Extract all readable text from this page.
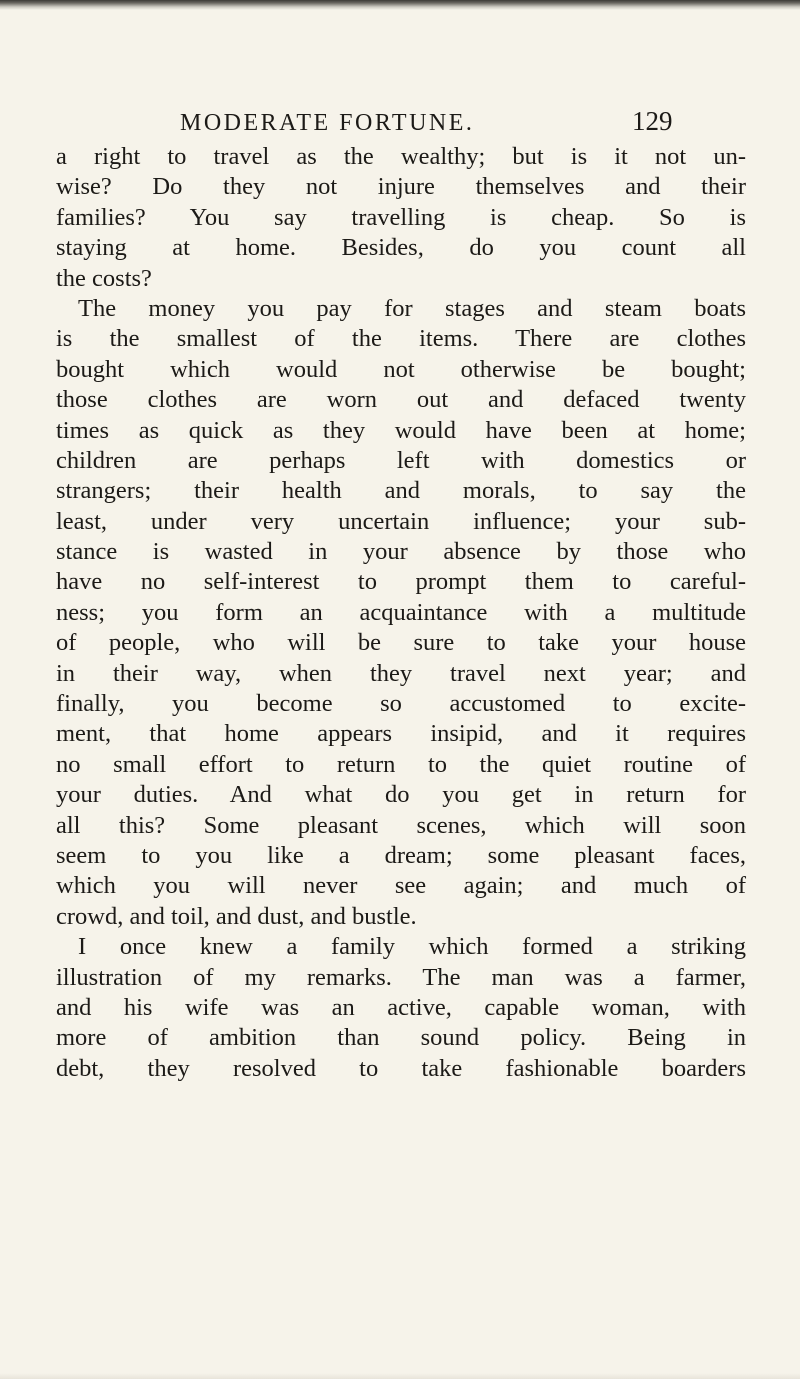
MODERATE FORTUNE.	129
a right to travel as the wealthy; but is it not un-
wise? Do they not injure themselves and their
families? You say travelling is cheap. So is
staying at home. Besides, do you count all
the costs?
The money you pay for stages and steam boats
is the smallest of the items. There are clothes
bought which would not otherwise be bought;
those clothes are worn out and defaced twenty
times as quick as they would have been at home;
children are perhaps left with domestics or
strangers; their health and morals, to say the
least, under very uncertain influence; your sub-
stance is wasted in your absence by those who
have no self-interest to prompt them to careful-
ness; you form an acquaintance with a multitude
of people, who will be sure to take your house
in their way, when they travel next year; and
finally, you become so accustomed to excite-
ment, that home appears insipid, and it requires
no small effort to return to the quiet routine of
your duties. And what do you get in return for
all this? Some pleasant scenes, which will soon
seem to you like a dream; some pleasant faces,
which you will never see again; and much of
crowd, and toil, and dust, and bustle.
I once knew a family which formed a striking
illustration of my remarks. The man was a farmer,
and his wife was an active, capable woman, with
more of ambition than sound policy. Being in
debt, they resolved to take fashionable boarders
